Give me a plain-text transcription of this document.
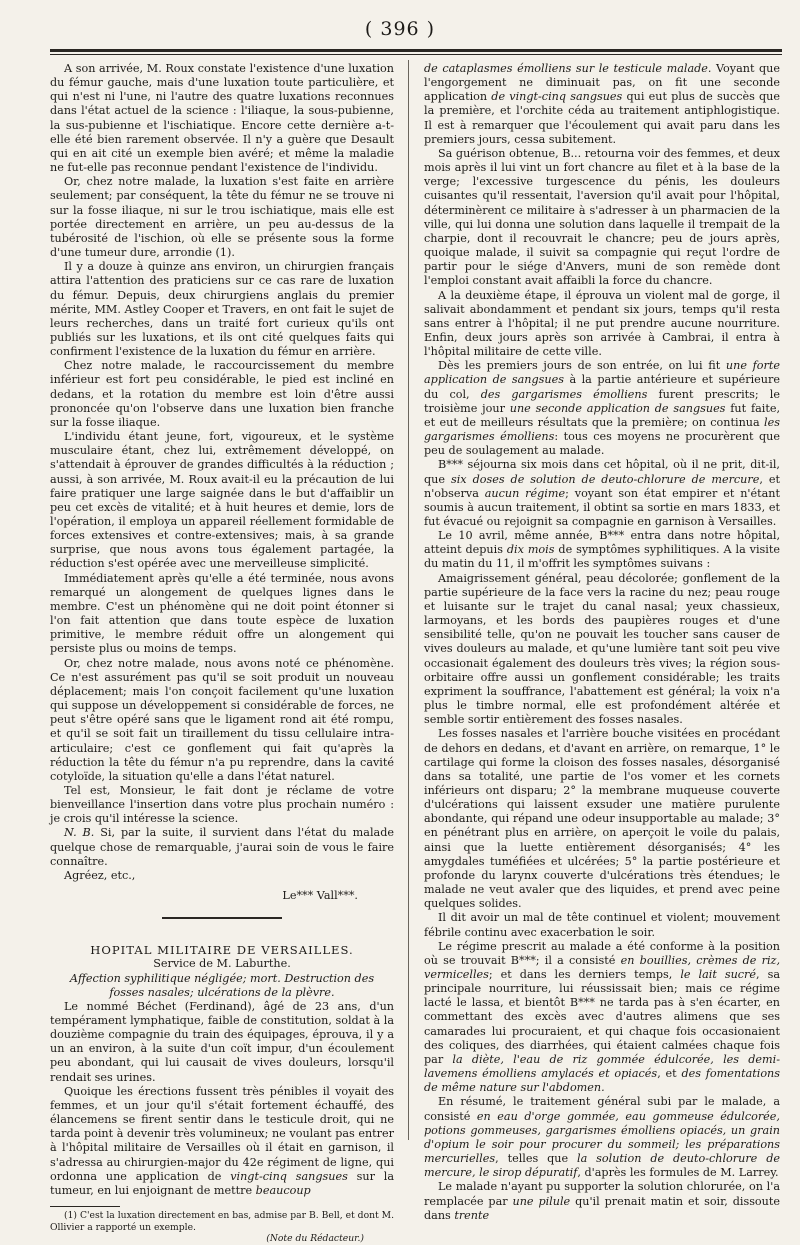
( 396 )

A son arrivée, M. Roux constate l'existence d'une luxation du fémur gauche, mais d'une luxation toute particulière, et qui n'est ni l'une, ni l'autre des quatre luxations reconnues dans l'état actuel de la science : l'iliaque, la sous-pubienne, la sus-pubienne et l'ischiatique. Encore cette dernière a-t-elle été bien rarement observée. Il n'y a guère que Desault qui en ait cité un exemple bien avéré; et même la maladie ne fut-elle pas reconnue pendant l'existence de l'individu.

Or, chez notre malade, la luxation s'est faite en arrière seulement; par conséquent, la tête du fémur ne se trouve ni sur la fosse iliaque, ni sur le trou ischiatique, mais elle est portée directement en arrière, un peu au-dessus de la tubérosité de l'ischion, où elle se présente sous la forme d'une tumeur dure, arrondie (1).

Il y a douze à quinze ans environ, un chirurgien français attira l'attention des praticiens sur ce cas rare de luxation du fémur. Depuis, deux chirurgiens anglais du premier mérite, MM. Astley Cooper et Travers, en ont fait le sujet de leurs recherches, dans un traité fort curieux qu'ils ont publiés sur les luxations, et ils ont cité quelques faits qui confirment l'existence de la luxation du fémur en arrière.

Chez notre malade, le raccourcissement du membre inférieur est fort peu considérable, le pied est incliné en dedans, et la rotation du membre est loin d'être aussi prononcée qu'on l'observe dans une luxation bien franche sur la fosse iliaque.

L'individu étant jeune, fort, vigoureux, et le système musculaire étant, chez lui, extrêmement développé, on s'attendait à éprouver de grandes difficultés à la réduction ; aussi, à son arrivée, M. Roux avait-il eu la précaution de lui faire pratiquer une large saignée dans le but d'affaiblir un peu cet excès de vitalité; et à huit heures et demie, lors de l'opération, il employa un appareil réellement formidable de forces extensives et contre-extensives; mais, à sa grande surprise, que nous avons tous également partagée, la réduction s'est opérée avec une merveilleuse simplicité.

Immédiatement après qu'elle a été terminée, nous avons remarqué un alongement de quelques lignes dans le membre. C'est un phénomène qui ne doit point étonner si l'on fait attention que dans toute espèce de luxation primitive, le membre réduit offre un alongement qui persiste plus ou moins de temps.

Or, chez notre malade, nous avons noté ce phénomène. Ce n'est assurément pas qu'il se soit produit un nouveau déplacement; mais l'on conçoit facilement qu'une luxation qui suppose un développement si considérable de forces, ne peut s'être opéré sans que le ligament rond ait été rompu, et qu'il se soit fait un tiraillement du tissu cellulaire intra-articulaire; c'est ce gonflement qui fait qu'après la réduction la tête du fémur n'a pu reprendre, dans la cavité cotyloïde, la situation qu'elle a dans l'état naturel.

Tel est, Monsieur, le fait dont je réclame de votre bienveillance l'insertion dans votre plus prochain numéro : je crois qu'il intéresse la science.

N. B. Si, par la suite, il survient dans l'état du malade quelque chose de remarquable, j'aurai soin de vous le faire connaître.

Agréez, etc.,

Le*** Vall***.

HOPITAL MILITAIRE DE VERSAILLES.

Service de M. Laburthe.

Affection syphilitique négligée; mort. Destruction des fosses nasales; ulcérations de la plèvre.

Le nommé Béchet (Ferdinand), âgé de 23 ans, d'un tempérament lymphatique, faible de constitution, soldat à la douzième compagnie du train des équipages, éprouva, il y a un an environ, à la suite d'un coït impur, d'un écoulement peu abondant, qui lui causait de vives douleurs, lorsqu'il rendait ses urines.

Quoique les érections fussent très pénibles il voyait des femmes, et un jour qu'il s'était fortement échauffé, des élancemens se firent sentir dans le testicule droit, qui ne tarda point à devenir très volumineux; ne voulant pas entrer à l'hôpital militaire de Versailles où il était en garnison, il s'adressa au chirurgien-major du 42e régiment de ligne, qui ordonna une application de vingt-cinq sangsues sur la tumeur, en lui enjoignant de mettre beaucoup

(1) C'est la luxation directement en bas, admise par B. Bell, et dont M. Ollivier a rapporté un exemple.
(Note du Rédacteur.)

de cataplasmes émolliens sur le testicule malade. Voyant que l'engorgement ne diminuait pas, on fit une seconde application de vingt-cinq sangsues qui eut plus de succès que la première, et l'orchite céda au traitement antiphlogistique. Il est à remarquer que l'écoulement qui avait paru dans les premiers jours, cessa subitement.

Sa guérison obtenue, B... retourna voir des femmes, et deux mois après il lui vint un fort chancre au filet et à la base de la verge; l'excessive turgescence du pénis, les douleurs cuisantes qu'il ressentait, l'aversion qu'il avait pour l'hôpital, déterminèrent ce militaire à s'adresser à un pharmacien de la ville, qui lui donna une solution dans laquelle il trempait de la charpie, dont il recouvrait le chancre; peu de jours après, quoique malade, il suivit sa compagnie qui reçut l'ordre de partir pour le siége d'Anvers, muni de son remède dont l'emploi constant avait affaibli la force du chancre.

A la deuxième étape, il éprouva un violent mal de gorge, il salivait abondamment et pendant six jours, temps qu'il resta sans entrer à l'hôpital; il ne put prendre aucune nourriture. Enfin, deux jours après son arrivée à Cambrai, il entra à l'hôpital militaire de cette ville.

Dès les premiers jours de son entrée, on lui fit une forte application de sangsues à la partie antérieure et supérieure du col, des gargarismes émolliens furent prescrits; le troisième jour une seconde application de sangsues fut faite, et eut de meilleurs résultats que la première; on continua les gargarismes émolliens: tous ces moyens ne procurèrent que peu de soulagement au malade.

B*** séjourna six mois dans cet hôpital, où il ne prit, dit-il, que six doses de solution de deuto-chlorure de mercure, et n'observa aucun régime; voyant son état empirer et n'étant soumis à aucun traitement, il obtint sa sortie en mars 1833, et fut évacué ou rejoignit sa compagnie en garnison à Versailles.

Le 10 avril, même année, B*** entra dans notre hôpital, atteint depuis dix mois de symptômes syphilitiques. A la visite du matin du 11, il m'offrit les symptômes suivans :

Amaigrissement général, peau décolorée; gonflement de la partie supérieure de la face vers la racine du nez; peau rouge et luisante sur le trajet du canal nasal; yeux chassieux, larmoyans, et les bords des paupières rouges et d'une sensibilité telle, qu'on ne pouvait les toucher sans causer de vives douleurs au malade, et qu'une lumière tant soit peu vive occasionait également des douleurs très vives; la région sous-orbitaire offre aussi un gonflement considérable; les traits expriment la souffrance, l'abattement est général; la voix n'a plus le timbre normal, elle est profondément altérée et semble sortir entièrement des fosses nasales.

Les fosses nasales et l'arrière bouche visitées en procédant de dehors en dedans, et d'avant en arrière, on remarque, 1° le cartilage qui forme la cloison des fosses nasales, désorganisé dans sa totalité, une partie de l'os vomer et les cornets inférieurs ont disparu; 2° la membrane muqueuse couverte d'ulcérations qui laissent exsuder une matière purulente abondante, qui répand une odeur insupportable au malade; 3° en pénétrant plus en arrière, on aperçoit le voile du palais, ainsi que la luette entièrement désorganisés; 4° les amygdales tuméfiées et ulcérées; 5° la partie postérieure et profonde du larynx couverte d'ulcérations très étendues; le malade ne veut avaler que des liquides, et prend avec peine quelques solides.

Il dit avoir un mal de tête continuel et violent; mouvement fébrile continu avec exacerbation le soir.

Le régime prescrit au malade a été conforme à la position où se trouvait B***; il a consisté en bouillies, crèmes de riz, vermicelles; et dans les derniers temps, le lait sucré, sa principale nourriture, lui réussissait bien; mais ce régime lacté le lassa, et bientôt B*** ne tarda pas à s'en écarter, en commettant des excès avec d'autres alimens que ses camarades lui procuraient, et qui chaque fois occasionaient des coliques, des diarrhées, qui étaient calmées chaque fois par la diète, l'eau de riz gommée édulcorée, les demi-lavemens émolliens amylacés et opiacés, et des fomentations de même nature sur l'abdomen.

En résumé, le traitement général subi par le malade, a consisté en eau d'orge gommée, eau gommeuse édulcorée, potions gommeuses, gargarismes émolliens opiacés, un grain d'opium le soir pour procurer du sommeil; les préparations mercurielles, telles que la solution de deuto-chlorure de mercure, le sirop dépuratif, d'après les formules de M. Larrey.

Le malade n'ayant pu supporter la solution chlorurée, on l'a remplacée par une pilule qu'il prenait matin et soir, dissoute dans trente
